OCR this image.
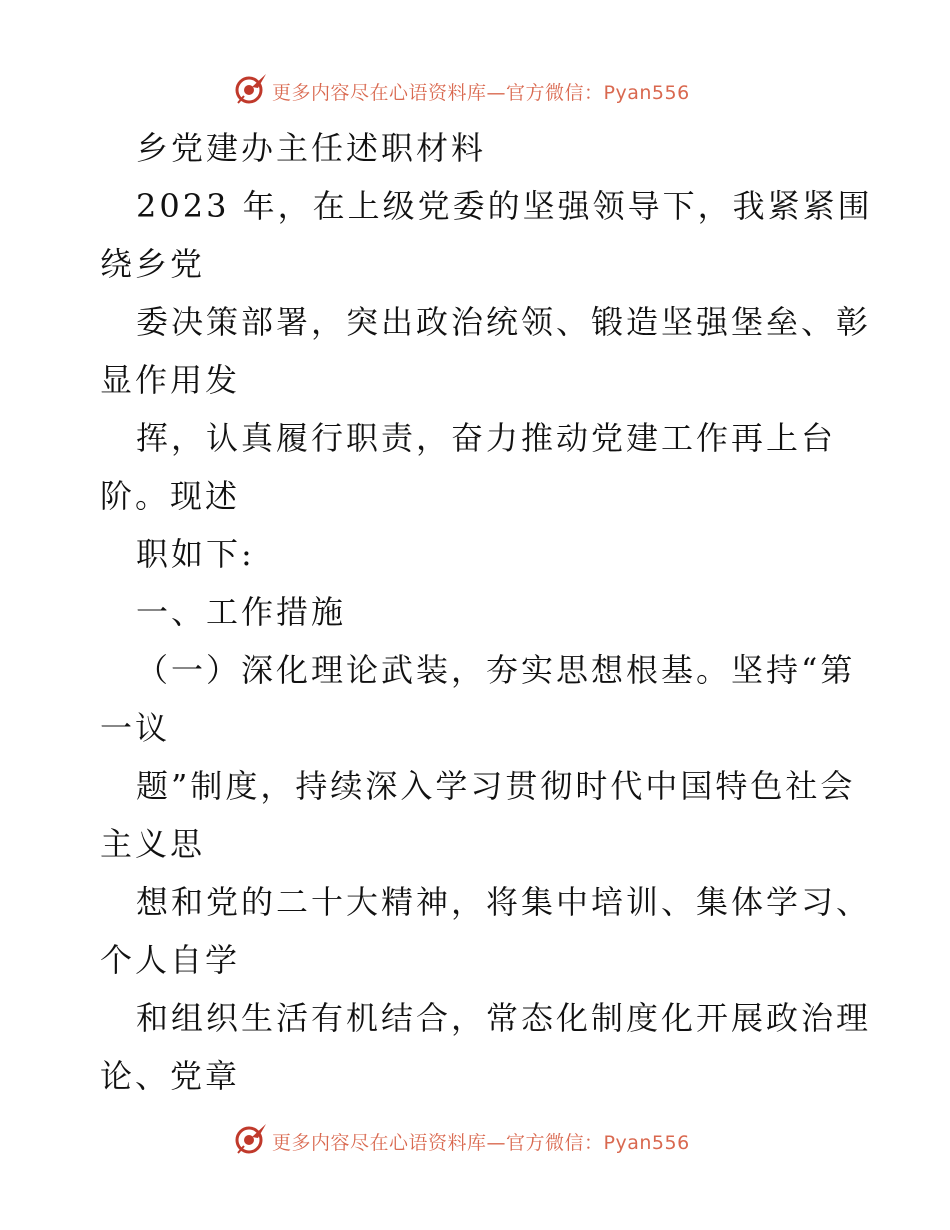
更多内容尽在心语资料库—官方微信：Pyan556
乡党建办主任述职材料
2023 年，在上级党委的坚强领导下，我紧紧围
绕乡党
委决策部署，突出政治统领、锻造坚强堡垒、彰
显作用发
挥，认真履行职责，奋力推动党建工作再上台
阶。现述
职如下:
一、工作措施
（一）深化理论武装，夯实思想根基。坚持“第
一议
题”制度，持续深入学习贯彻时代中国特色社会
主义思
想和党的二十大精神，将集中培训、集体学习、
个人自学
和组织生活有机结合，常态化制度化开展政治理
论、党章
更多内容尽在心语资料库—官方微信：Pyan556
